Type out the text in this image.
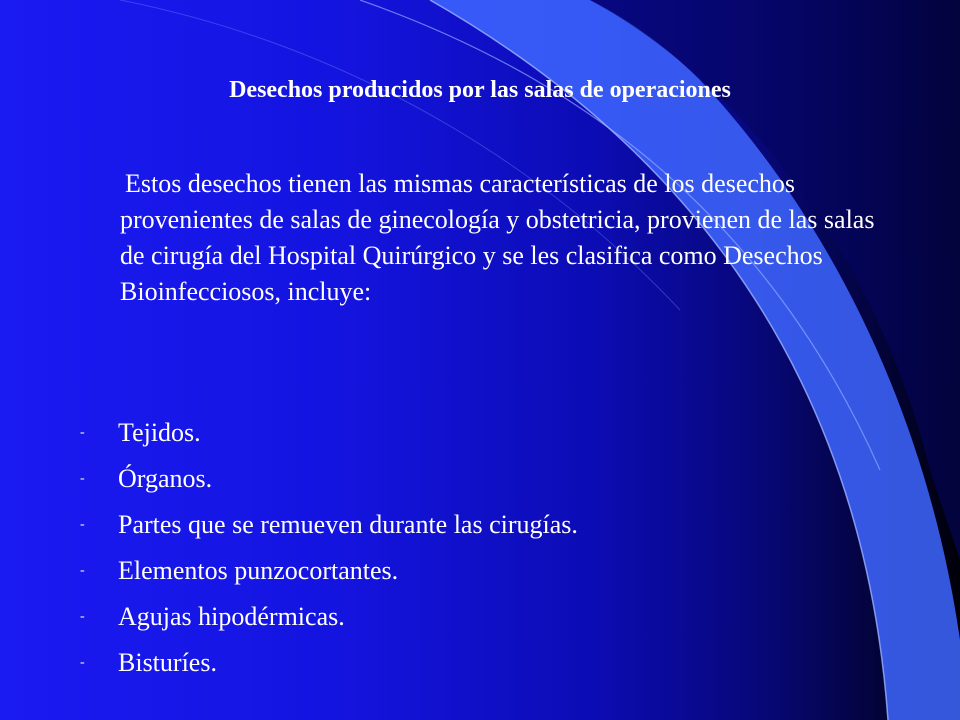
Desechos producidos por las salas de operaciones

Estos desechos tienen las mismas características de los desechos provenientes de salas de ginecología y obstetricia, provienen de las salas de cirugía del Hospital Quirúrgico y se les clasifica como Desechos Bioinfecciosos, incluye:

-	Tejidos.
-	Órganos.
-	Partes que se remueven durante las cirugías.
-	Elementos punzocortantes.
-	Agujas hipodérmicas.
-	Bisturíes.
